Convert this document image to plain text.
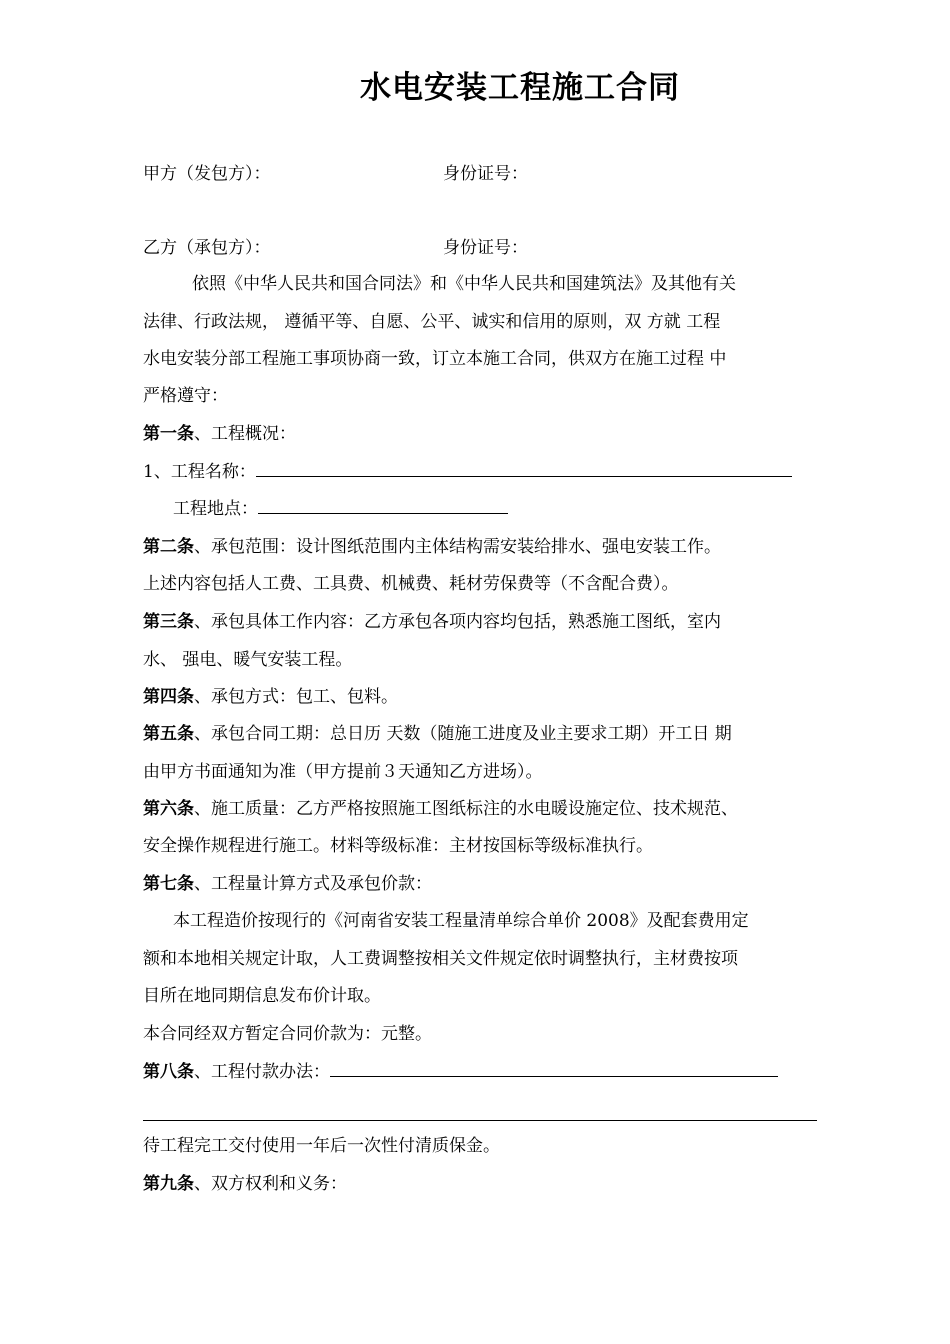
水电安装工程施工合同
甲方（发包方）：	身份证号：
乙方（承包方）：	身份证号：
依照《中华人民共和国合同法》和《中华人民共和国建筑法》及其他有关
法律、行政法规， 遵循平等、自愿、公平、诚实和信用的原则，双 方就 工程
水电安装分部工程施工事项协商一致，订立本施工合同，供双方在施工过程 中
严格遵守：
第一条、工程概况：
1、工程名称：
工程地点：
第二条、承包范围：设计图纸范围内主体结构需安装给排水、强电安装工作。
上述内容包括人工费、工具费、机械费、耗材劳保费等（不含配合费）。
第三条、承包具体工作内容：乙方承包各项内容均包括，熟悉施工图纸，室内
水、 强电、暖气安装工程。
第四条、承包方式：包工、包料。
第五条、承包合同工期：总日历 天数（随施工进度及业主要求工期）开工日 期
由甲方书面通知为准（甲方提前３天通知乙方进场）。
第六条、施工质量：乙方严格按照施工图纸标注的水电暖设施定位、技术规范、
安全操作规程进行施工。材料等级标准：主材按国标等级标准执行。
第七条、工程量计算方式及承包价款：
本工程造价按现行的《河南省安装工程量清单综合单价 2008》及配套费用定
额和本地相关规定计取，人工费调整按相关文件规定依时调整执行，主材费按项
目所在地同期信息发布价计取。
本合同经双方暂定合同价款为：元整。
第八条、工程付款办法：
待工程完工交付使用一年后一次性付清质保金。
第九条、双方权利和义务：
